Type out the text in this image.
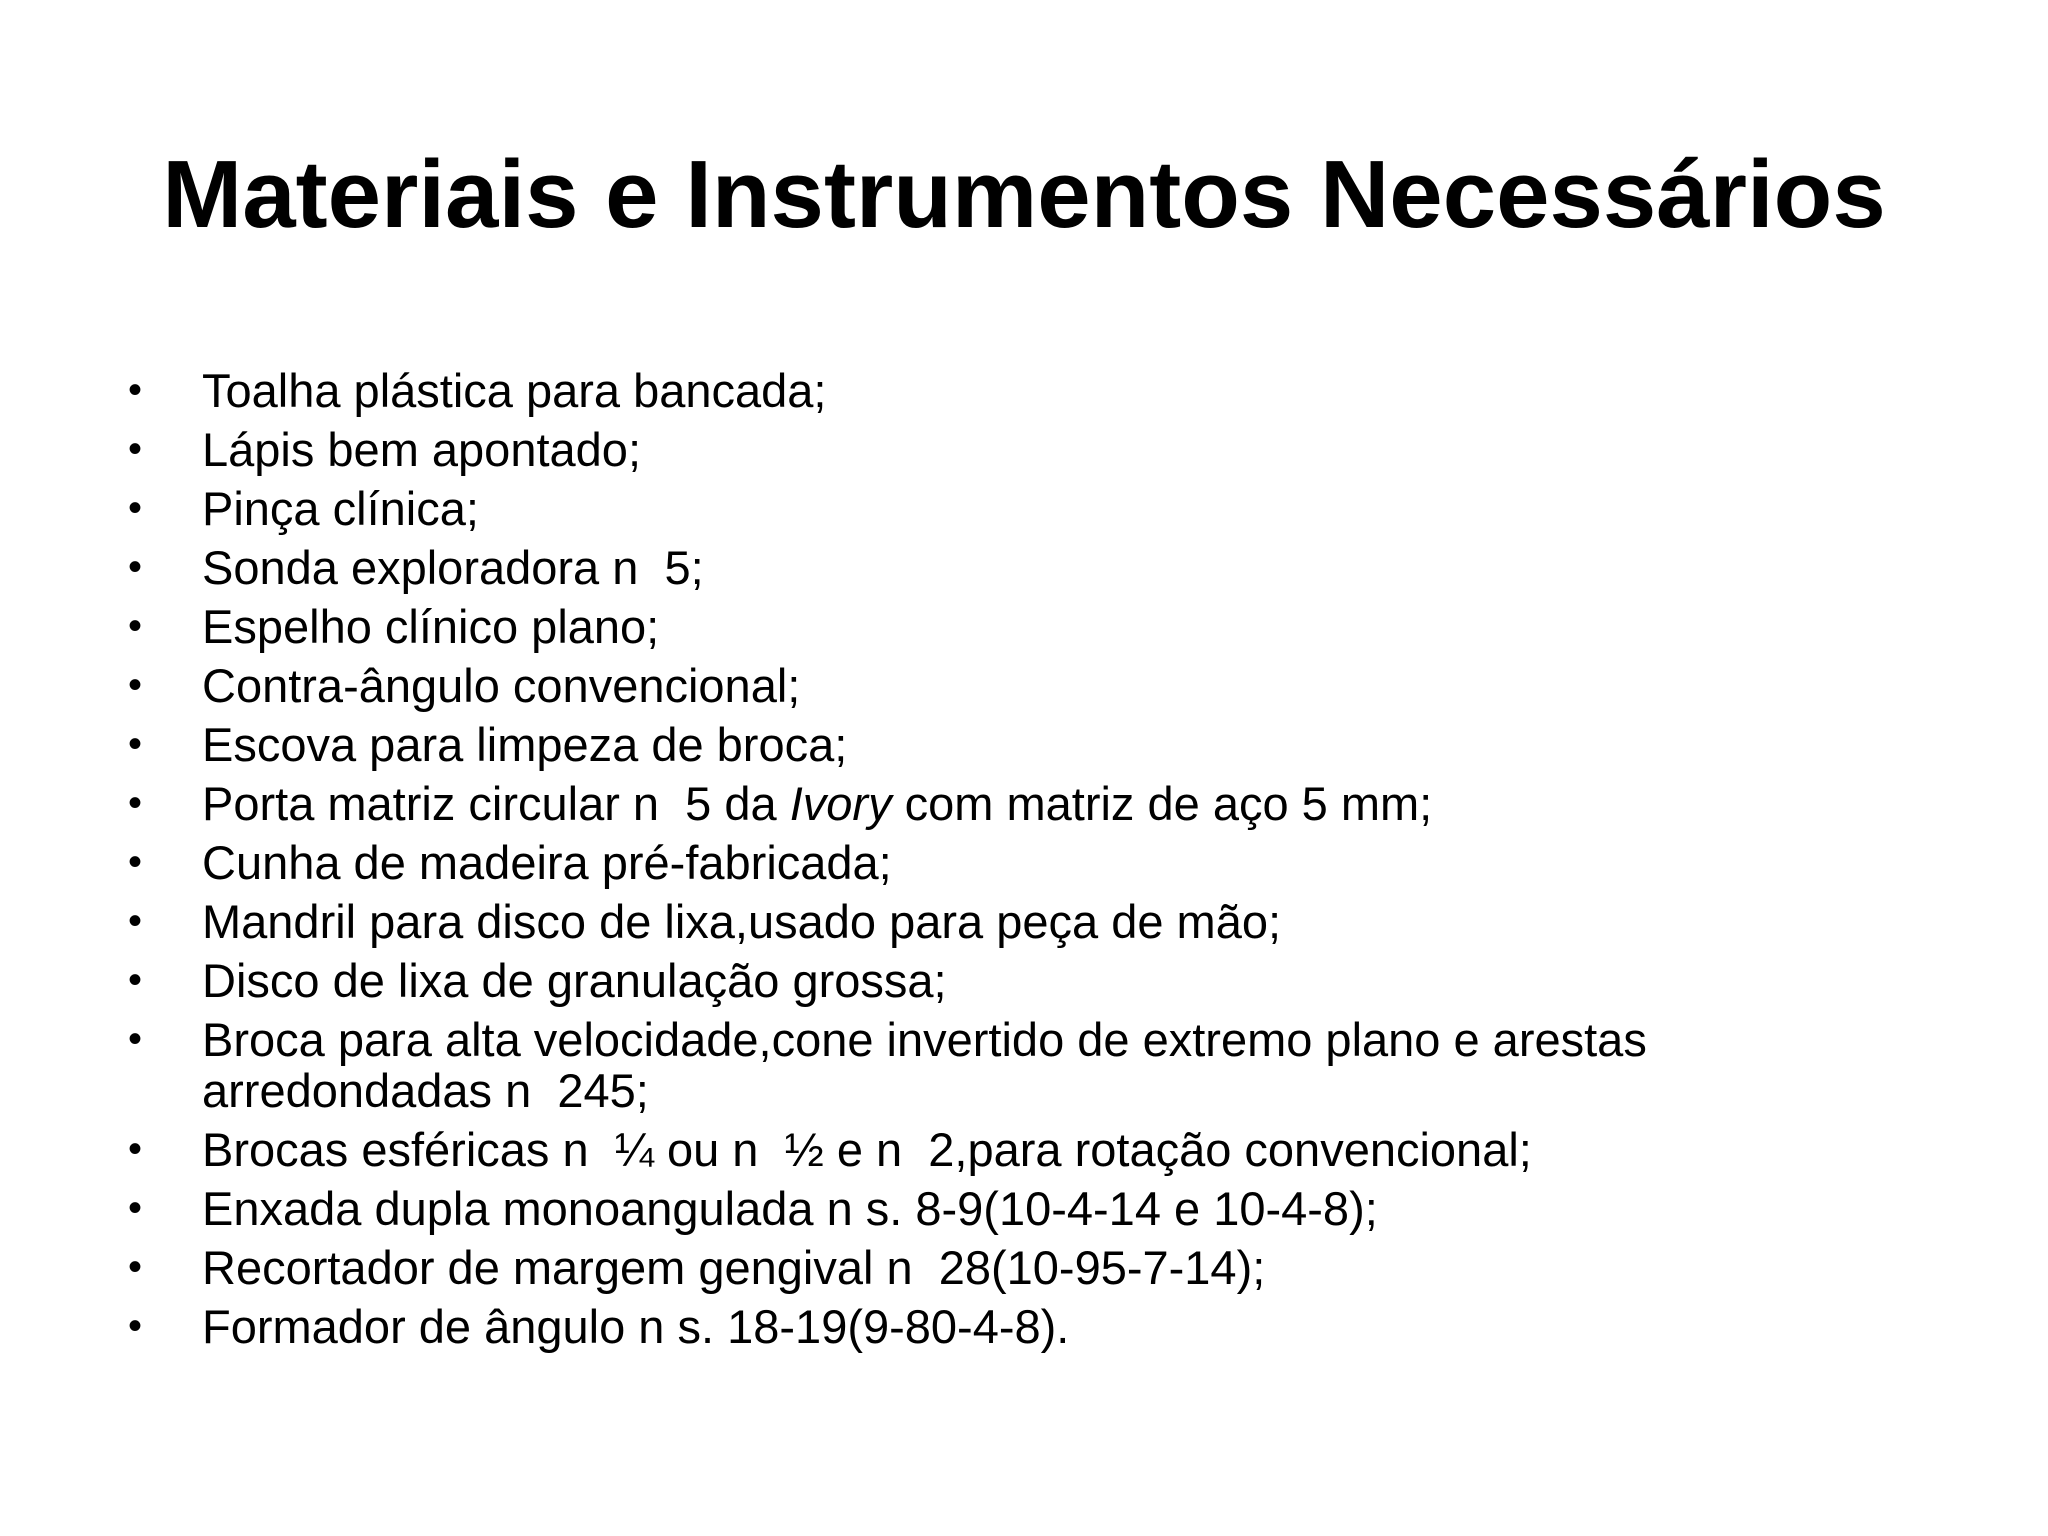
Materiais e Instrumentos Necessários
• Toalha plástica para bancada;
• Lápis bem apontado;
• Pinça clínica;
• Sonda exploradora n  5;
• Espelho clínico plano;
• Contra-ângulo convencional;
• Escova para limpeza de broca;
• Porta matriz circular n  5 da Ivory com matriz de aço 5 mm;
• Cunha de madeira pré-fabricada;
• Mandril para disco de lixa,usado para peça de mão;
• Disco de lixa de granulação grossa;
• Broca para alta velocidade,cone invertido de extremo plano e arestas arredondadas n  245;
• Brocas esféricas n  ¼ ou n  ½ e n  2,para rotação convencional;
• Enxada dupla monoangulada n s. 8-9(10-4-14 e 10-4-8);
• Recortador de margem gengival n  28(10-95-7-14);
• Formador de ângulo n s. 18-19(9-80-4-8).
